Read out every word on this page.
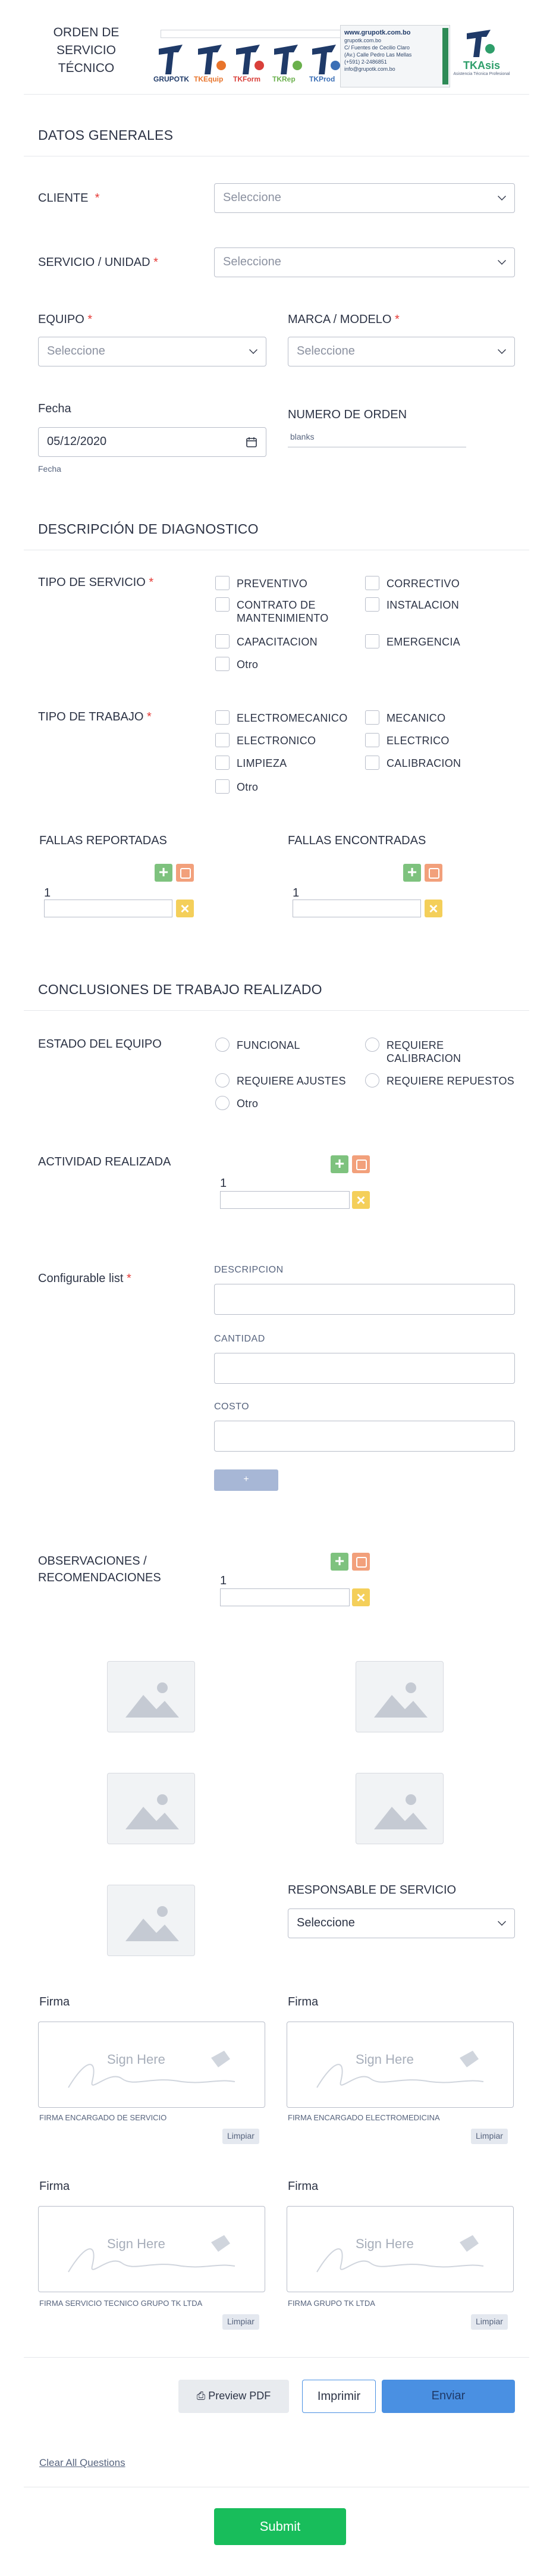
ORDEN DE
SERVICIO
TÉCNICO
GRUPOTK TKEquip TKForm TKRep TKProd
www.grupotk.com.bo
grupotk.com.bo
C/ Fuentes de Cecilio Claro
(Av.) Calle Pedro Las Mellas
(+591) 2-2486851
info@grupotk.com.bo	TKAsis
Asistencia Técnica Profesional
DATOS GENERALES
CLIENTE *	Seleccione
SERVICIO / UNIDAD *	Seleccione
EQUIPO *
Seleccione
MARCA / MODELO *
Seleccione
Fecha
05/12/2020
Fecha
NUMERO DE ORDEN
blanks
DESCRIPCIÓN DE DIAGNOSTICO
TIPO DE SERVICIO *	PREVENTIVO
CONTRATO DE MANTENIMIENTO
CAPACITACION
Otro
CORRECTIVO
INSTALACION
EMERGENCIA
TIPO DE TRABAJO *	ELECTROMECANICO
ELECTRONICO
LIMPIEZA
Otro
MECANICO
ELECTRICO
CALIBRACION
FALLAS REPORTADAS
+
1
×
FALLAS ENCONTRADAS
+
1
×
CONCLUSIONES DE TRABAJO REALIZADO
ESTADO DEL EQUIPO	FUNCIONAL
REQUIERE AJUSTES
Otro
REQUIERE CALIBRACION
REQUIERE REPUESTOS
ACTIVIDAD REALIZADA	+
1
×
Configurable list *
DESCRIPCION
CANTIDAD
COSTO
+
OBSERVACIONES / RECOMENDACIONES
+
1
×
RESPONSABLE DE SERVICIO
Seleccione
Firma
Sign Here
FIRMA ENCARGADO DE SERVICIO
Limpiar
Firma
Sign Here
FIRMA ENCARGADO ELECTROMEDICINA
Limpiar
Firma
Sign Here
FIRMA SERVICIO TECNICO GRUPO TK LTDA
Limpiar
Firma
Sign Here
FIRMA GRUPO TK LTDA
Limpiar
⎙ Preview PDF	Imprimir	Enviar
Clear All Questions
Submit
